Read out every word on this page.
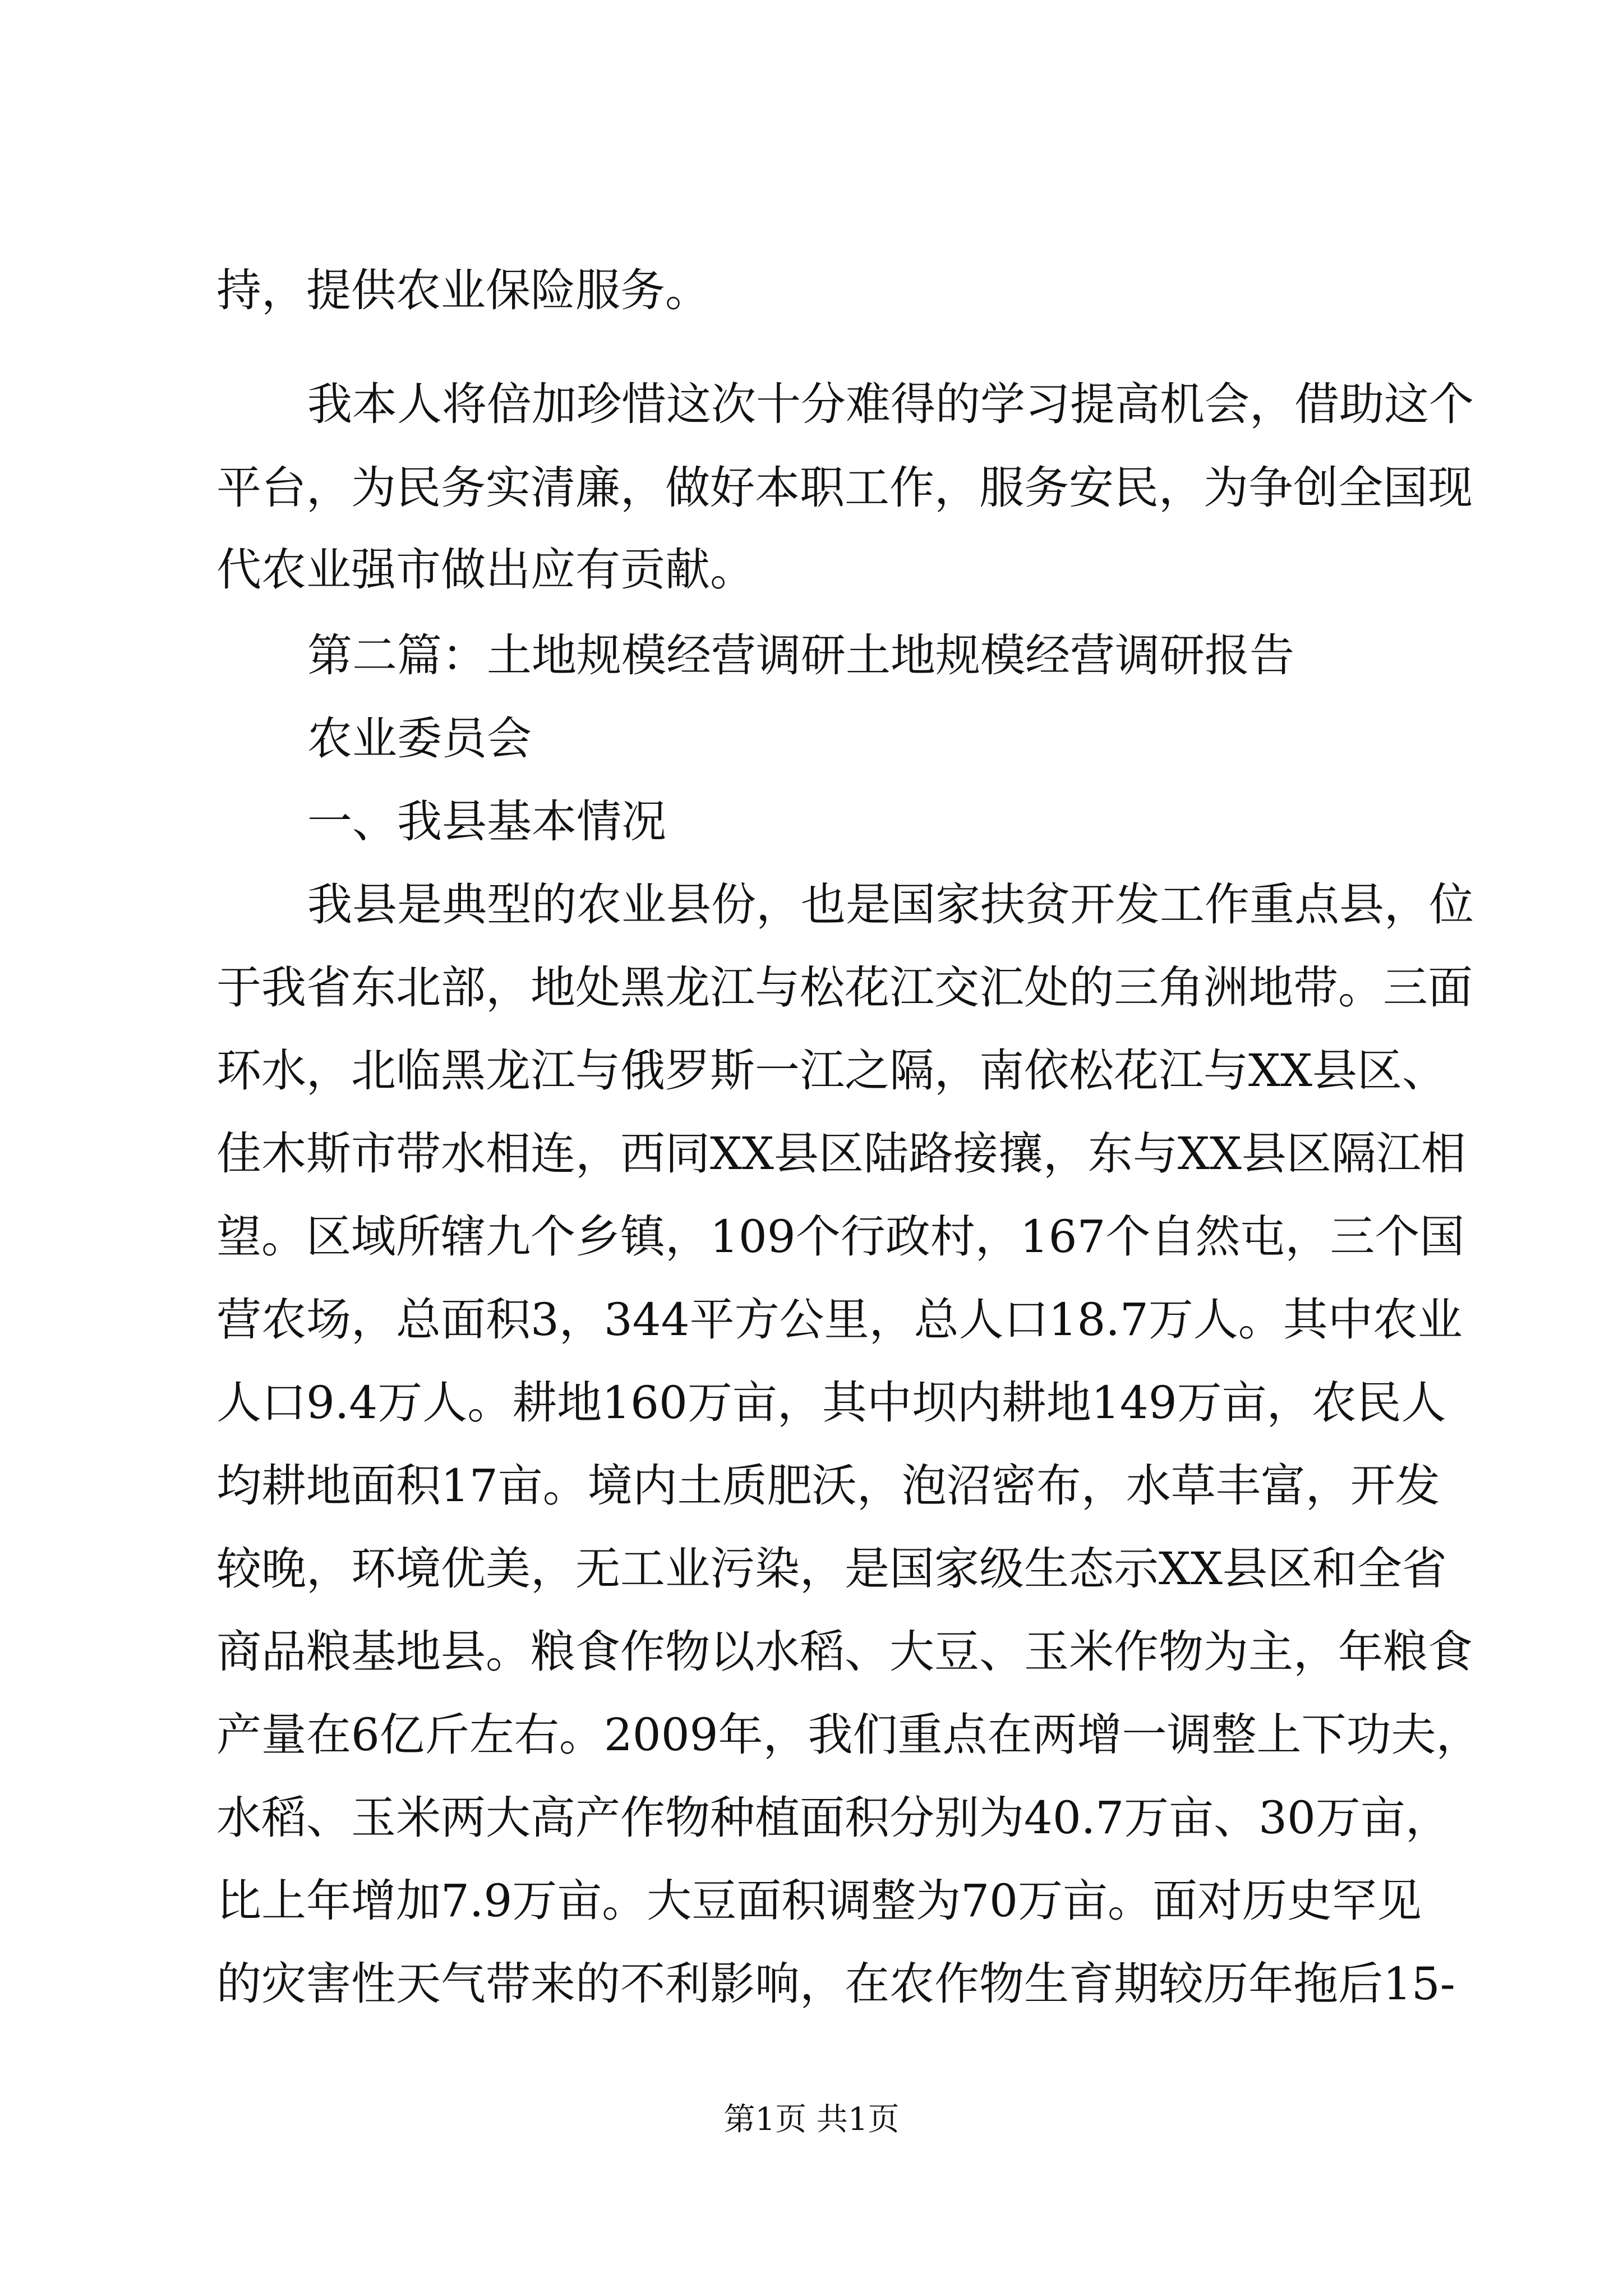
持，提供农业保险服务。
我本人将倍加珍惜这次十分难得的学习提高机会，借助这个
平台，为民务实清廉，做好本职工作，服务安民，为争创全国现
代农业强市做出应有贡献。
第二篇：土地规模经营调研土地规模经营调研报告
农业委员会
一、我县基本情况
我县是典型的农业县份，也是国家扶贫开发工作重点县，位
于我省东北部，地处黑龙江与松花江交汇处的三角洲地带。三面
环水，北临黑龙江与俄罗斯一江之隔，南依松花江与XX县区、
佳木斯市带水相连，西同XX县区陆路接攘，东与XX县区隔江相
望。区域所辖九个乡镇，109个行政村，167个自然屯，三个国
营农场，总面积3，344平方公里，总人口18.7万人。其中农业
人口9.4万人。耕地160万亩，其中坝内耕地149万亩，农民人
均耕地面积17亩。境内土质肥沃，泡沼密布，水草丰富，开发
较晚，环境优美，无工业污染，是国家级生态示XX县区和全省
商品粮基地县。粮食作物以水稻、大豆、玉米作物为主，年粮食
产量在6亿斤左右。2009年，我们重点在两增一调整上下功夫，
水稻、玉米两大高产作物种植面积分别为40.7万亩、30万亩，
比上年增加7.9万亩。大豆面积调整为70万亩。面对历史罕见
的灾害性天气带来的不利影响，在农作物生育期较历年拖后15-
第1页 共1页
